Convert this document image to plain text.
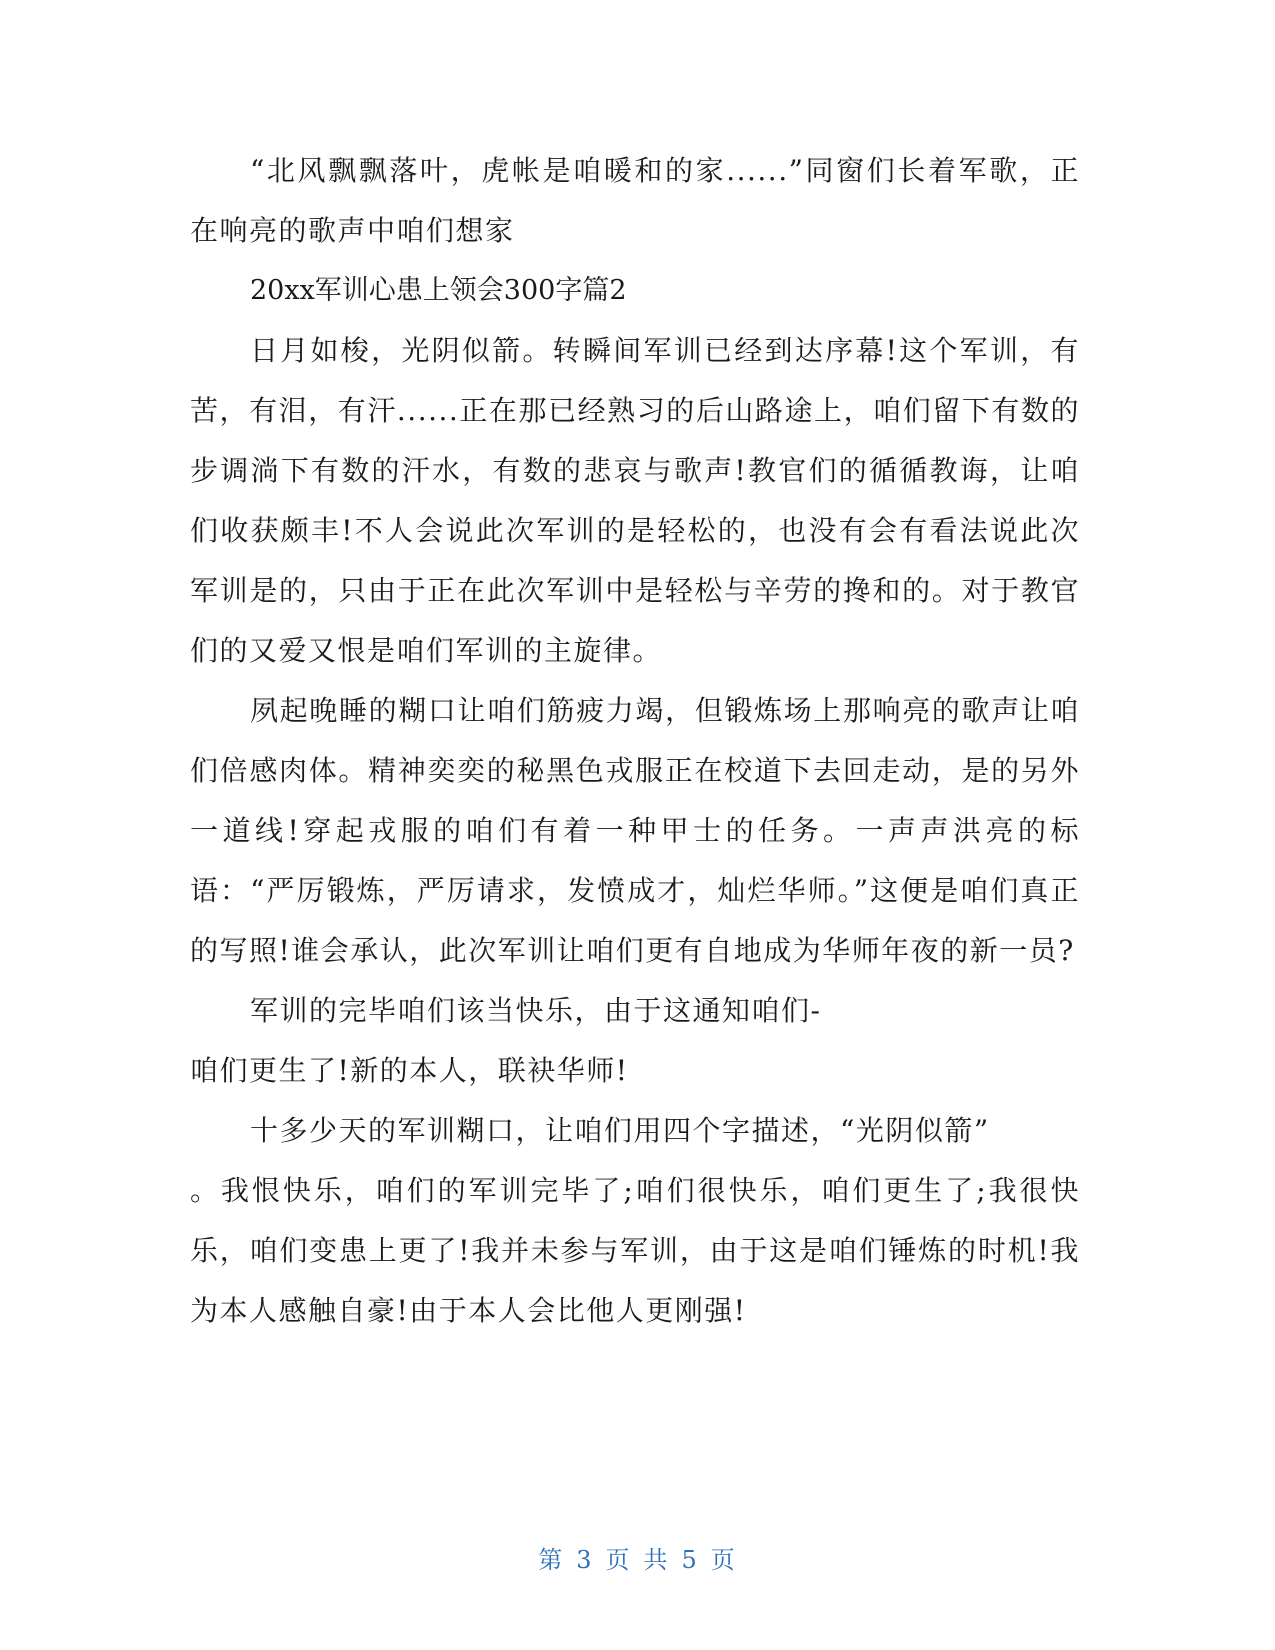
“北风飘飘落叶，虎帐是咱暖和的家......”同窗们长着军歌，正在响亮的歌声中咱们想家

20xx军训心患上领会300字篇2

日月如梭，光阴似箭。转瞬间军训已经到达序幕!这个军训，有苦，有泪，有汗......正在那已经熟习的后山路途上，咱们留下有数的步调淌下有数的汗水，有数的悲哀与歌声!教官们的循循教诲，让咱们收获颇丰!不人会说此次军训的是轻松的，也没有会有看法说此次军训是的，只由于正在此次军训中是轻松与辛劳的搀和的。对于教官们的又爱又恨是咱们军训的主旋律。

夙起晚睡的糊口让咱们筋疲力竭，但锻炼场上那响亮的歌声让咱们倍感肉体。精神奕奕的秘黑色戎服正在校道下去回走动，是的另外一道线!穿起戎服的咱们有着一种甲士的任务。一声声洪亮的标语：“严厉锻炼，严厉请求，发愤成才，灿烂华师。”这便是咱们真正的写照!谁会承认，此次军训让咱们更有自地成为华师年夜的新一员?

军训的完毕咱们该当快乐，由于这通知咱们-

咱们更生了!新的本人，联袂华师!

十多少天的军训糊口，让咱们用四个字描述，“光阴似箭”

。我恨快乐，咱们的军训完毕了;咱们很快乐，咱们更生了;我很快乐，咱们变患上更了!我并未参与军训，由于这是咱们锤炼的时机!我为本人感触自豪!由于本人会比他人更刚强!

第 3 页 共 5 页
